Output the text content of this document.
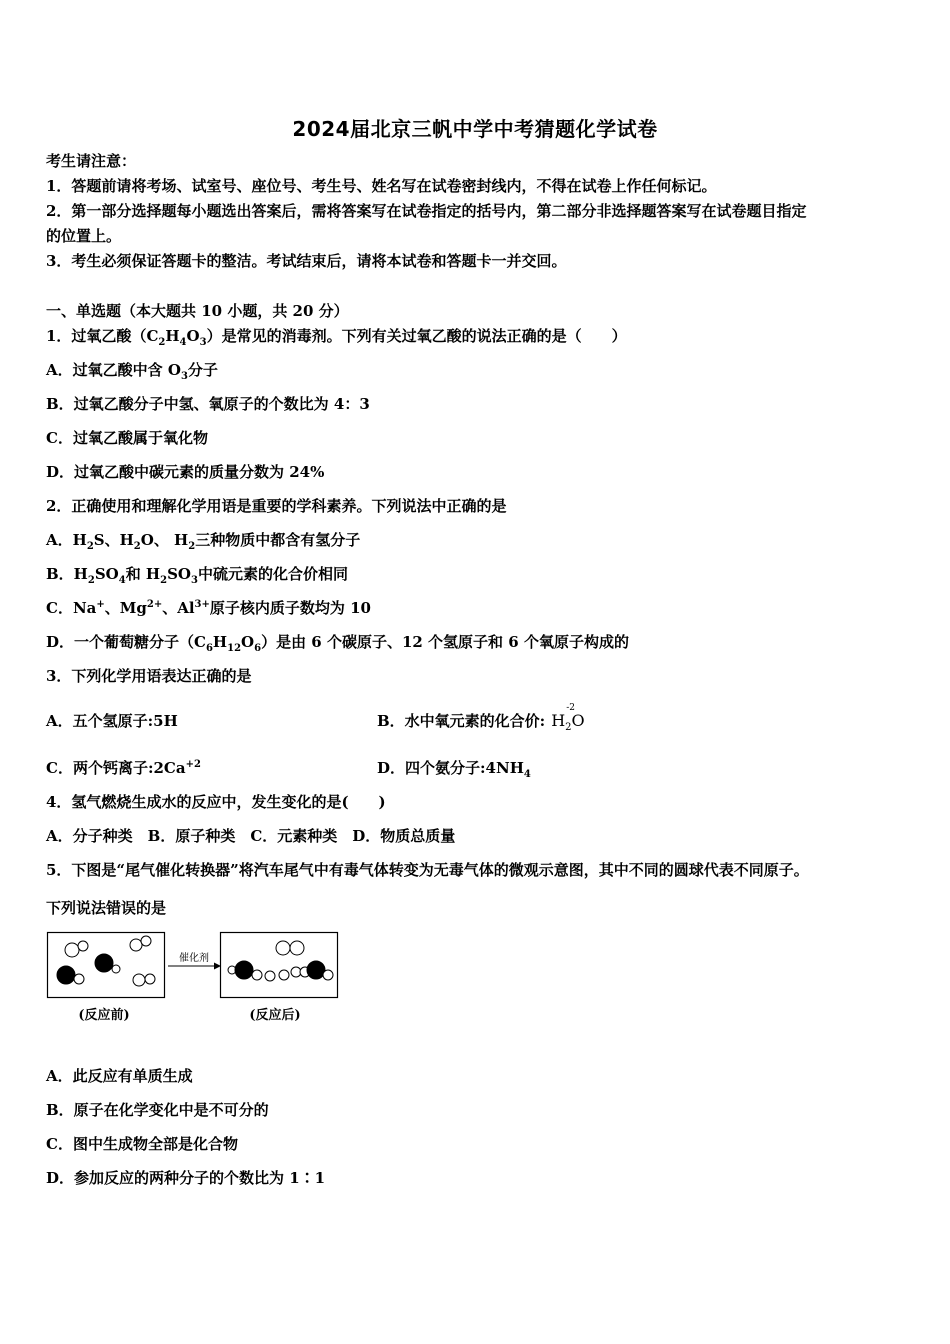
2024届北京三帆中学中考猜题化学试卷
考生请注意：
1．答题前请将考场、试室号、座位号、考生号、姓名写在试卷密封线内，不得在试卷上作任何标记。
2．第一部分选择题每小题选出答案后，需将答案写在试卷指定的括号内，第二部分非选择题答案写在试卷题目指定
的位置上。
3．考生必须保证答题卡的整洁。考试结束后，请将本试卷和答题卡一并交回。
一、单选题（本大题共 10 小题，共 20 分）
1．过氧乙酸$(C_2H_4O_3)$是常见的消毒剂。下列有关过氧乙酸的说法正确的是（　　）
A．过氧乙酸中含 $O_3$分子
B．过氧乙酸分子中氢、氧原子的个数比为 4：3
C．过氧乙酸属于氧化物
D．过氧乙酸中碳元素的质量分数为 24%
2．正确使用和理解化学用语是重要的学科素养。下列说法中正确的是
A．$H_2S$、$H_2O$、 $H_2$三种物质中都含有氢分子
B．$H_2SO_4$和 $H_2SO_3$中硫元素的化合价相同
C．Na+、$Mg^{2+}$、$Al^{3+}$原子核内质子数均为 10
D．一个葡萄糖分子$(C_6H_{12}O_6)$是由 6 个碳原子、12 个氢原子和 6 个氧原子构成的
3．下列化学用语表达正确的是
A．五个氢原子:5H	B．水中氧元素的化合价:
-2
$H_2O$
C．两个钙离子$:2Ca^{+2}$	D．四个氨分子$:4NH_4$
4．氢气燃烧生成水的反应中，发生变化的是(　　)
A．分子种类　B．原子种类　C．元素种类　D．物质总质量
5．下图是“尾气催化转换器”将汽车尾气中有毒气体转变为无毒气体的微观示意图，其中不同的圆球代表不同原子。
下列说法错误的是
催化剂
(反应前)	(反应后)
A．此反应有单质生成
B．原子在化学变化中是不可分的
C．图中生成物全部是化合物
D．参加反应的两种分子的个数比为 1∶1
